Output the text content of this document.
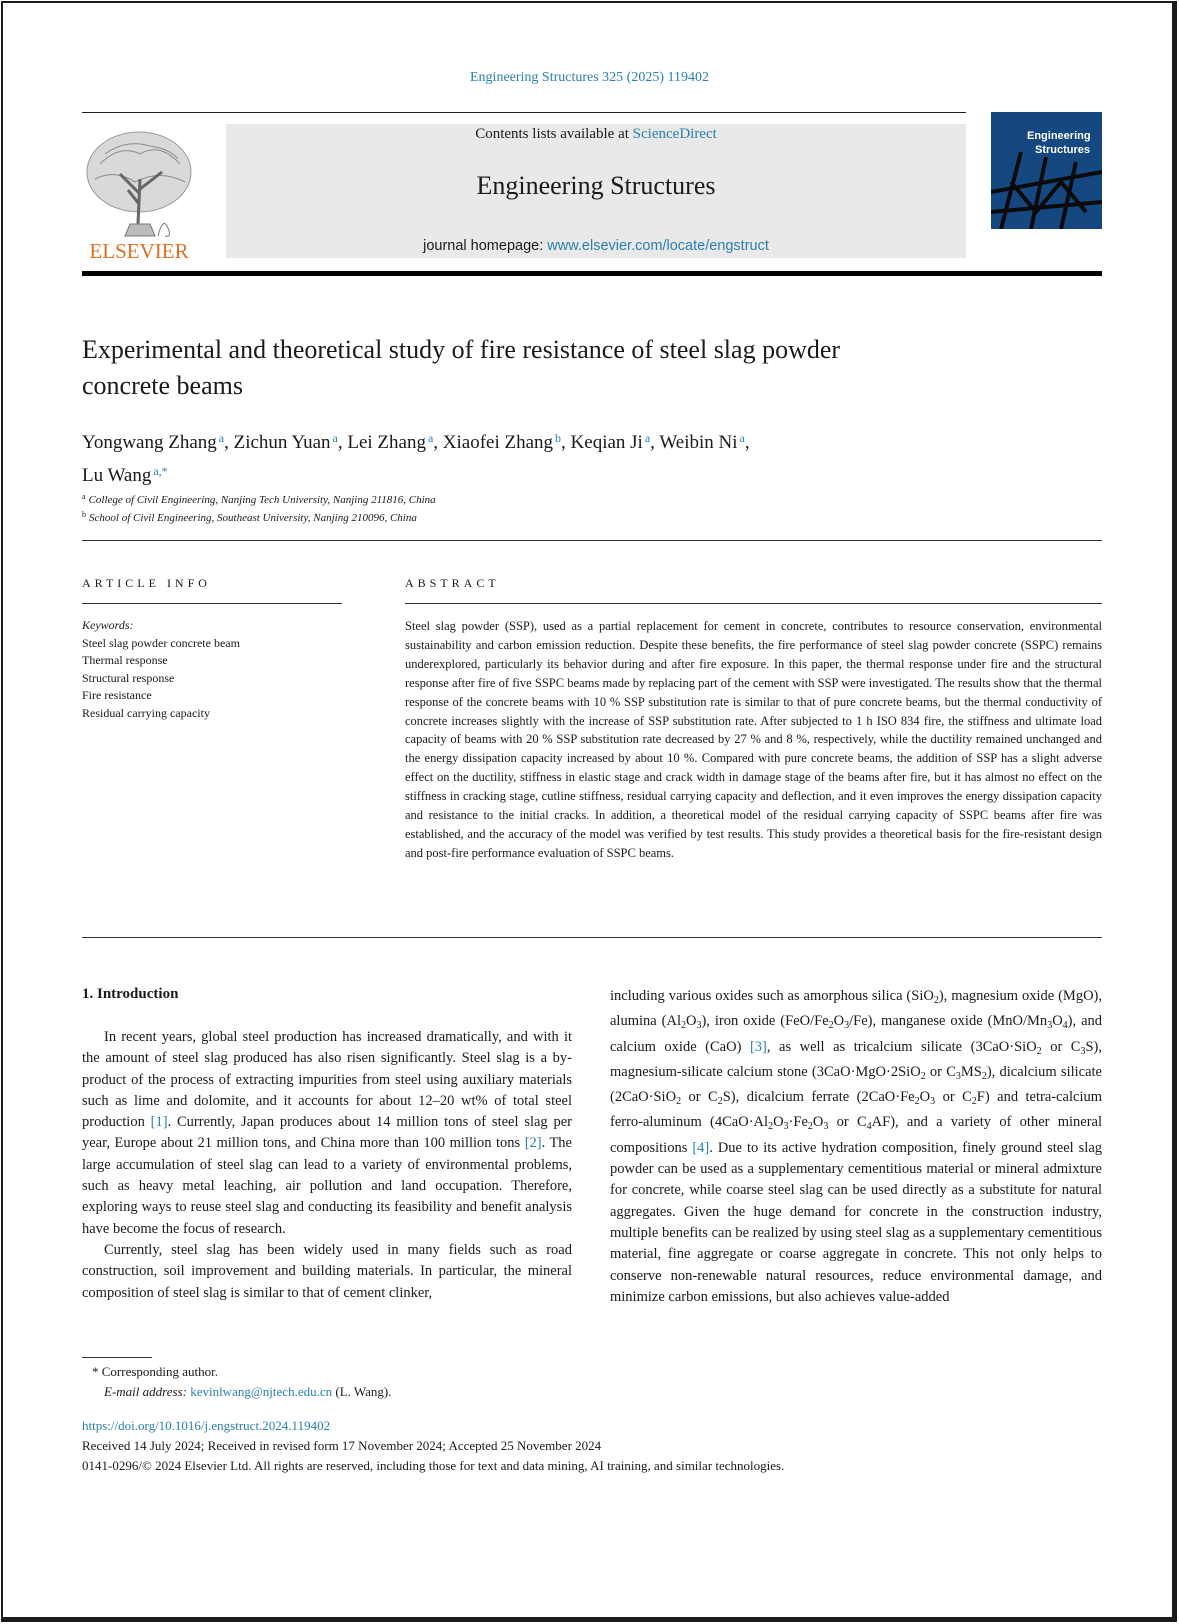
Engineering Structures 325 (2025) 119402
ELSEVIER
Contents lists available at ScienceDirect
Engineering Structures
journal homepage: www.elsevier.com/locate/engstruct
Engineering
Structures
Experimental and theoretical study of fire resistance of steel slag powder
concrete beams
Yongwang Zhang $^a$, Zichun Yuan $^a$, Lei Zhang $^a$, Xiaofei Zhang $^b$, Keqian Ji $^a$, Weibin Ni $^a$,
Lu Wang $^{a,*}$
$^a$ College of Civil Engineering, Nanjing Tech University, Nanjing 211816, China
$^b$ School of Civil Engineering, Southeast University, Nanjing 210096, China
ARTICLE INFO
Keywords:
Steel slag powder concrete beam
Thermal response
Structural response
Fire resistance
Residual carrying capacity
ABSTRACT
Steel slag powder (SSP), used as a partial replacement for cement in concrete, contributes to resource conservation, environmental sustainability and carbon emission reduction. Despite these benefits, the fire performance of steel slag powder concrete (SSPC) remains underexplored, particularly its behavior during and after fire exposure. In this paper, the thermal response under fire and the structural response after fire of five SSPC beams made by replacing part of the cement with SSP were investigated. The results show that the thermal response of the concrete beams with 10 % SSP substitution rate is similar to that of pure concrete beams, but the thermal conductivity of concrete increases slightly with the increase of SSP substitution rate. After subjected to 1 h ISO 834 fire, the stiffness and ultimate load capacity of beams with 20 % SSP substitution rate decreased by 27 % and 8 %, respectively, while the ductility remained unchanged and the energy dissipation capacity increased by about 10 %. Compared with pure concrete beams, the addition of SSP has a slight adverse effect on the ductility, stiffness in elastic stage and crack width in damage stage of the beams after fire, but it has almost no effect on the stiffness in cracking stage, cutline stiffness, residual carrying capacity and deflection, and it even improves the energy dissipation capacity and resistance to the initial cracks. In addition, a theoretical model of the residual carrying capacity of SSPC beams after fire was established, and the accuracy of the model was verified by test results. This study provides a theoretical basis for the fire-resistant design and post-fire performance evaluation of SSPC beams.
1. Introduction

In recent years, global steel production has increased dramatically, and with it the amount of steel slag produced has also risen significantly. Steel slag is a by-product of the process of extracting impurities from steel using auxiliary materials such as lime and dolomite, and it accounts for about 12–20 wt% of total steel production [1]. Currently, Japan produces about 14 million tons of steel slag per year, Europe about 21 million tons, and China more than 100 million tons [2]. The large accumulation of steel slag can lead to a variety of environmental problems, such as heavy metal leaching, air pollution and land occupation. Therefore, exploring ways to reuse steel slag and conducting its feasibility and benefit analysis have become the focus of research.

Currently, steel slag has been widely used in many fields such as road construction, soil improvement and building materials. In particular, the mineral composition of steel slag is similar to that of cement clinker,

including various oxides such as amorphous silica (SiO$_2$), magnesium oxide (MgO), alumina $(Al_2O_3)$, iron oxide $(FeO/Fe_2O_3/Fe)$, manganese oxide $(MnO/Mn_3O_4)$, and calcium oxide (CaO) [3], as well as tricalcium silicate (3CaO·SiO$_2$ or $C_3S$), magnesium-silicate calcium stone (3CaO·MgO·2SiO$_2$ or $C_3MS_2$), dicalcium silicate (2CaO·SiO$_2$ or $C_2S$), dicalcium ferrate ($2CaO\cdot Fe_2O_3$ or $C_2F$) and tetra-calcium ferro-aluminum ($4CaO\cdot Al_2O_3\cdot Fe_2O_3$ or $C_4AF$), and a variety of other mineral compositions [4]. Due to its active hydration composition, finely ground steel slag powder can be used as a supplementary cementitious material or mineral admixture for concrete, while coarse steel slag can be used directly as a substitute for natural aggregates. Given the huge demand for concrete in the construction industry, multiple benefits can be realized by using steel slag as a supplementary cementitious material, fine aggregate or coarse aggregate in concrete. This not only helps to conserve non-renewable natural resources, reduce environmental damage, and minimize carbon emissions, but also achieves value-added

* Corresponding author.
E-mail address: kevinlwang@njtech.edu.cn (L. Wang).
https://doi.org/10.1016/j.engstruct.2024.119402
Received 14 July 2024; Received in revised form 17 November 2024; Accepted 25 November 2024
0141-0296/© 2024 Elsevier Ltd. All rights are reserved, including those for text and data mining, AI training, and similar technologies.
